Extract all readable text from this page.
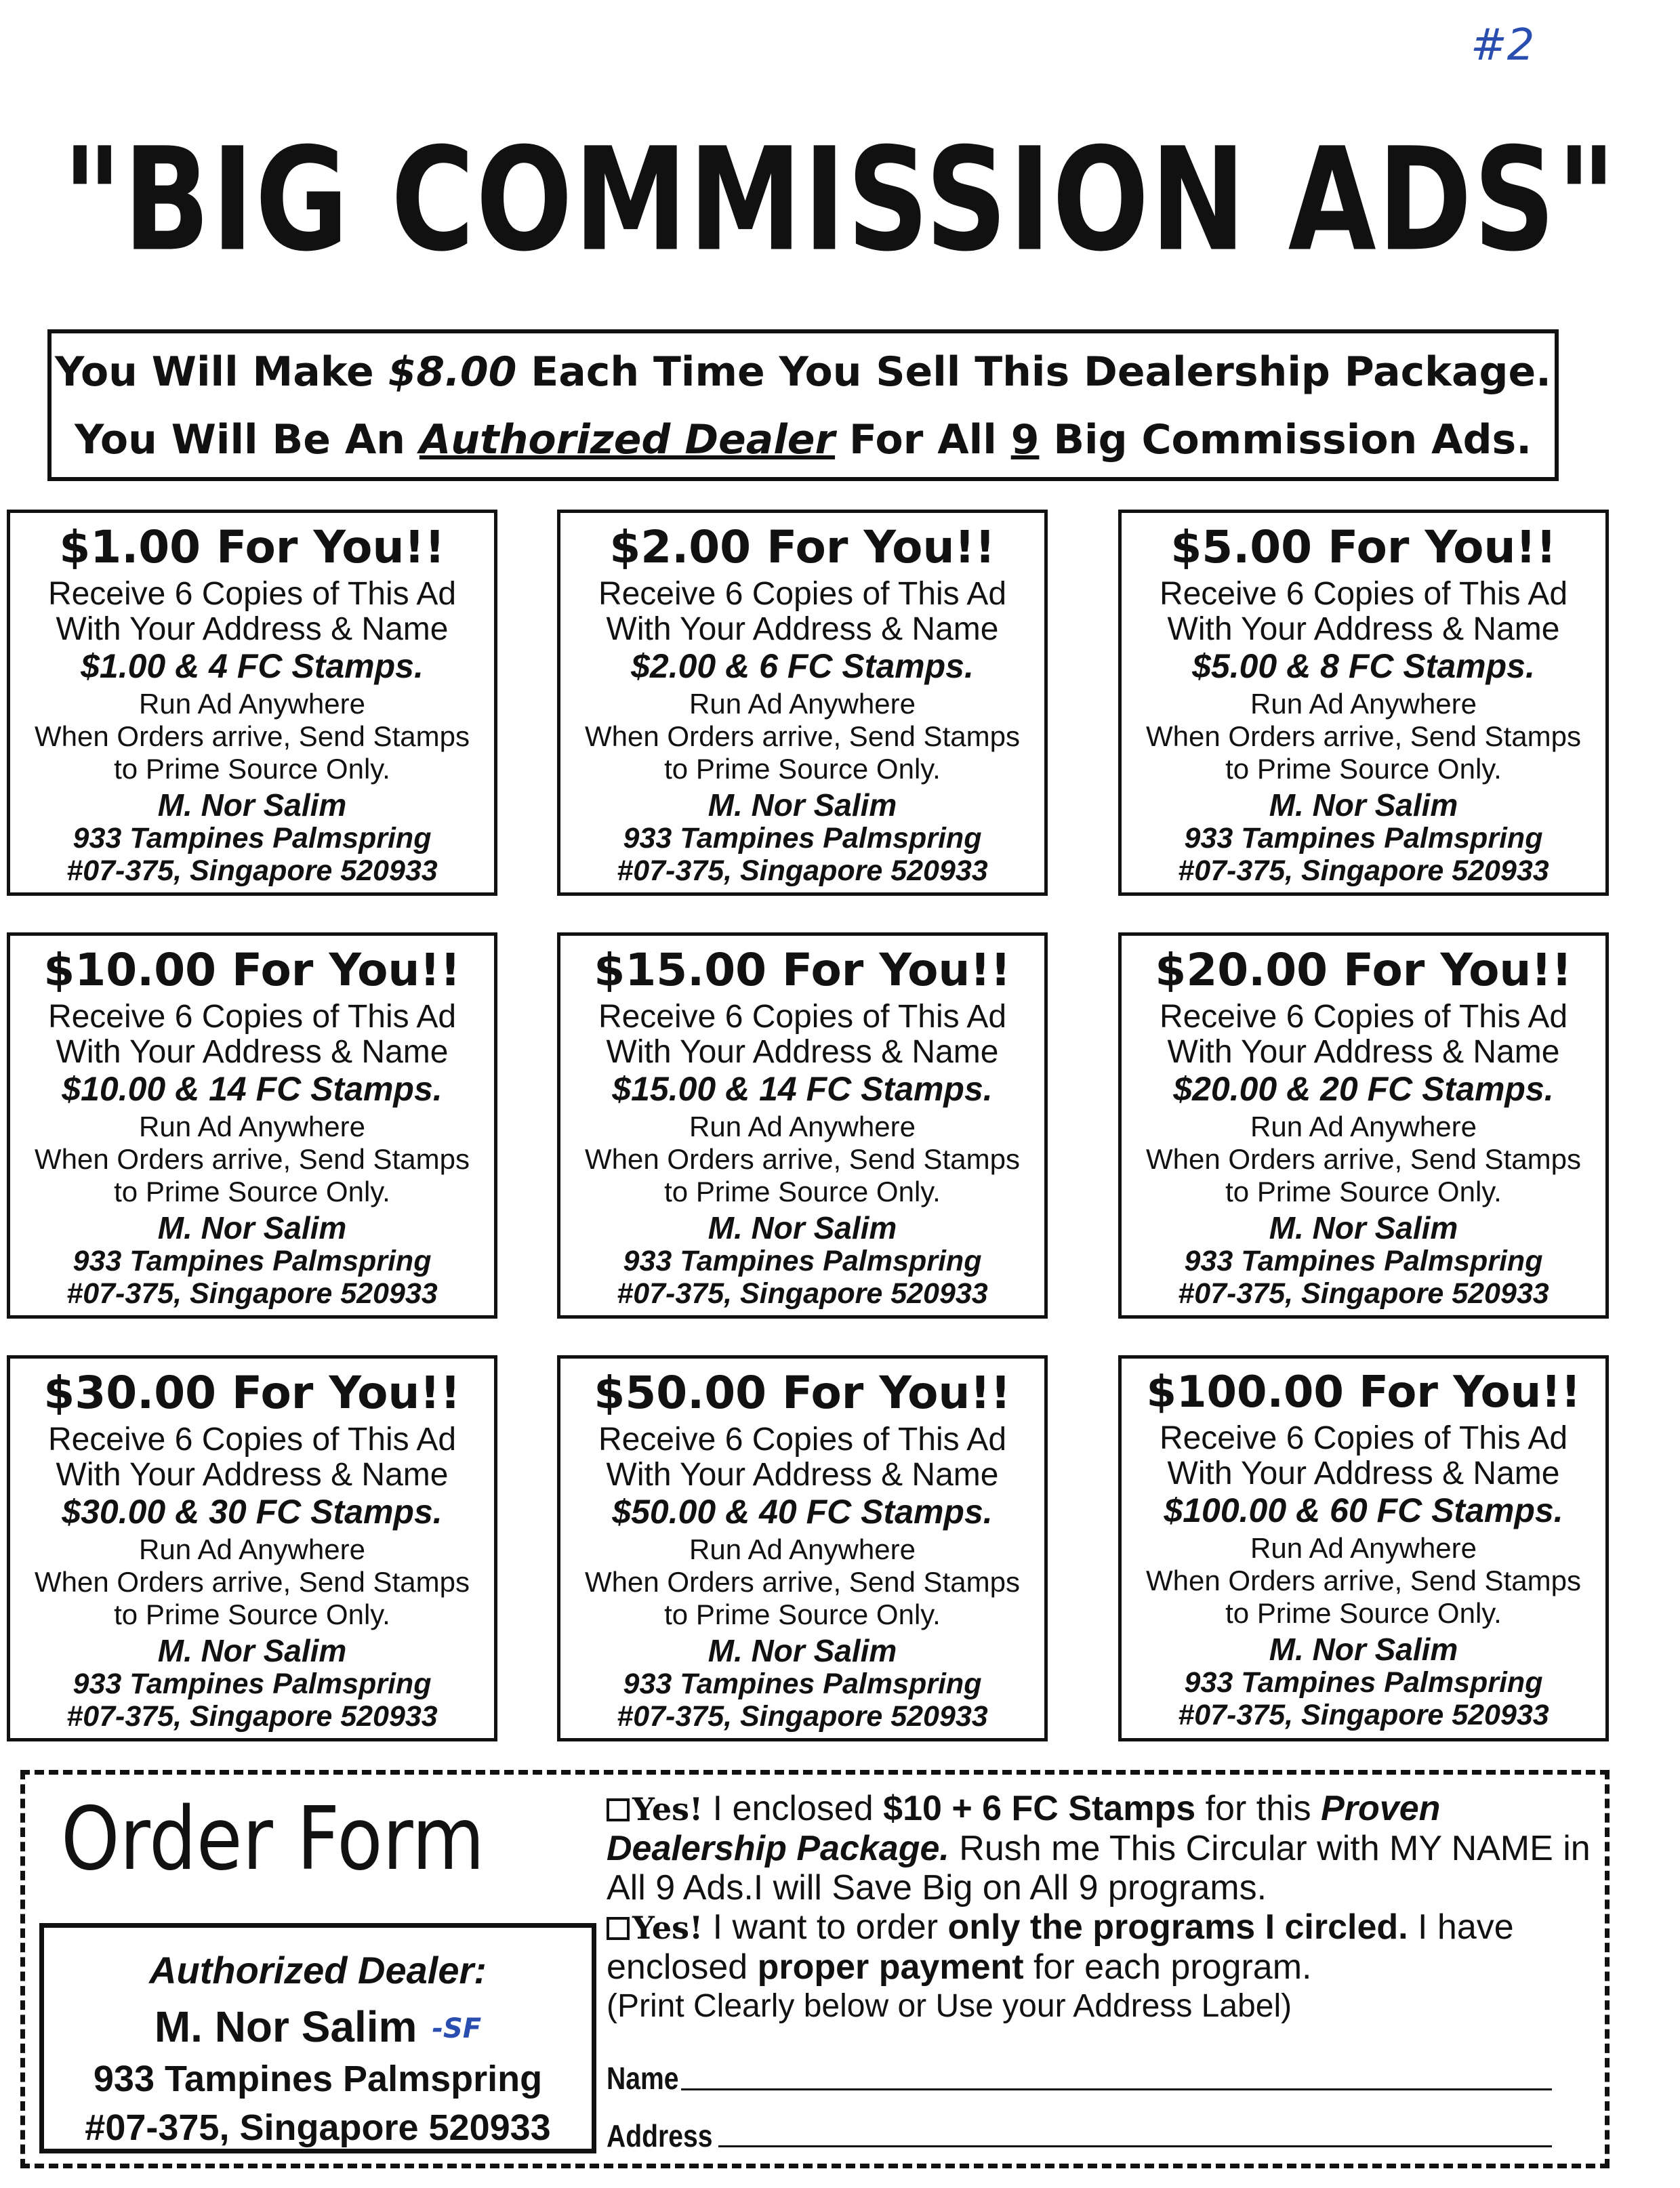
#2
"BIG COMMISSION ADS"
You Will Make $8.00 Each Time You Sell This Dealership Package.
You Will Be An Authorized Dealer For All 9 Big Commission Ads.
$1.00 For You!!
Receive 6 Copies of This Ad
With Your Address & Name
$1.00 & 4 FC Stamps.
Run Ad Anywhere
When Orders arrive, Send Stamps
to Prime Source Only.
M. Nor Salim
933 Tampines Palmspring
#07-375, Singapore 520933
$2.00 For You!!
Receive 6 Copies of This Ad
With Your Address & Name
$2.00 & 6 FC Stamps.
Run Ad Anywhere
When Orders arrive, Send Stamps
to Prime Source Only.
M. Nor Salim
933 Tampines Palmspring
#07-375, Singapore 520933
$5.00 For You!!
Receive 6 Copies of This Ad
With Your Address & Name
$5.00 & 8 FC Stamps.
Run Ad Anywhere
When Orders arrive, Send Stamps
to Prime Source Only.
M. Nor Salim
933 Tampines Palmspring
#07-375, Singapore 520933
$10.00 For You!!
Receive 6 Copies of This Ad
With Your Address & Name
$10.00 & 14 FC Stamps.
Run Ad Anywhere
When Orders arrive, Send Stamps
to Prime Source Only.
M. Nor Salim
933 Tampines Palmspring
#07-375, Singapore 520933
$15.00 For You!!
Receive 6 Copies of This Ad
With Your Address & Name
$15.00 & 14 FC Stamps.
Run Ad Anywhere
When Orders arrive, Send Stamps
to Prime Source Only.
M. Nor Salim
933 Tampines Palmspring
#07-375, Singapore 520933
$20.00 For You!!
Receive 6 Copies of This Ad
With Your Address & Name
$20.00 & 20 FC Stamps.
Run Ad Anywhere
When Orders arrive, Send Stamps
to Prime Source Only.
M. Nor Salim
933 Tampines Palmspring
#07-375, Singapore 520933
$30.00 For You!!
Receive 6 Copies of This Ad
With Your Address & Name
$30.00 & 30 FC Stamps.
Run Ad Anywhere
When Orders arrive, Send Stamps
to Prime Source Only.
M. Nor Salim
933 Tampines Palmspring
#07-375, Singapore 520933
$50.00 For You!!
Receive 6 Copies of This Ad
With Your Address & Name
$50.00 & 40 FC Stamps.
Run Ad Anywhere
When Orders arrive, Send Stamps
to Prime Source Only.
M. Nor Salim
933 Tampines Palmspring
#07-375, Singapore 520933
$100.00 For You!!
Receive 6 Copies of This Ad
With Your Address & Name
$100.00 & 60 FC Stamps.
Run Ad Anywhere
When Orders arrive, Send Stamps
to Prime Source Only.
M. Nor Salim
933 Tampines Palmspring
#07-375, Singapore 520933
Order Form
Authorized Dealer:
M. Nor Salim -SF
933 Tampines Palmspring
#07-375, Singapore 520933
Yes! I enclosed $10 + 6 FC Stamps for this Proven Dealership Package. Rush me This Circular with MY NAME in All 9 Ads.I will Save Big on All 9 programs.
Yes! I want to order only the programs I circled. I have enclosed proper payment for each program.
(Print Clearly below or Use your Address Label)
Name
Address
